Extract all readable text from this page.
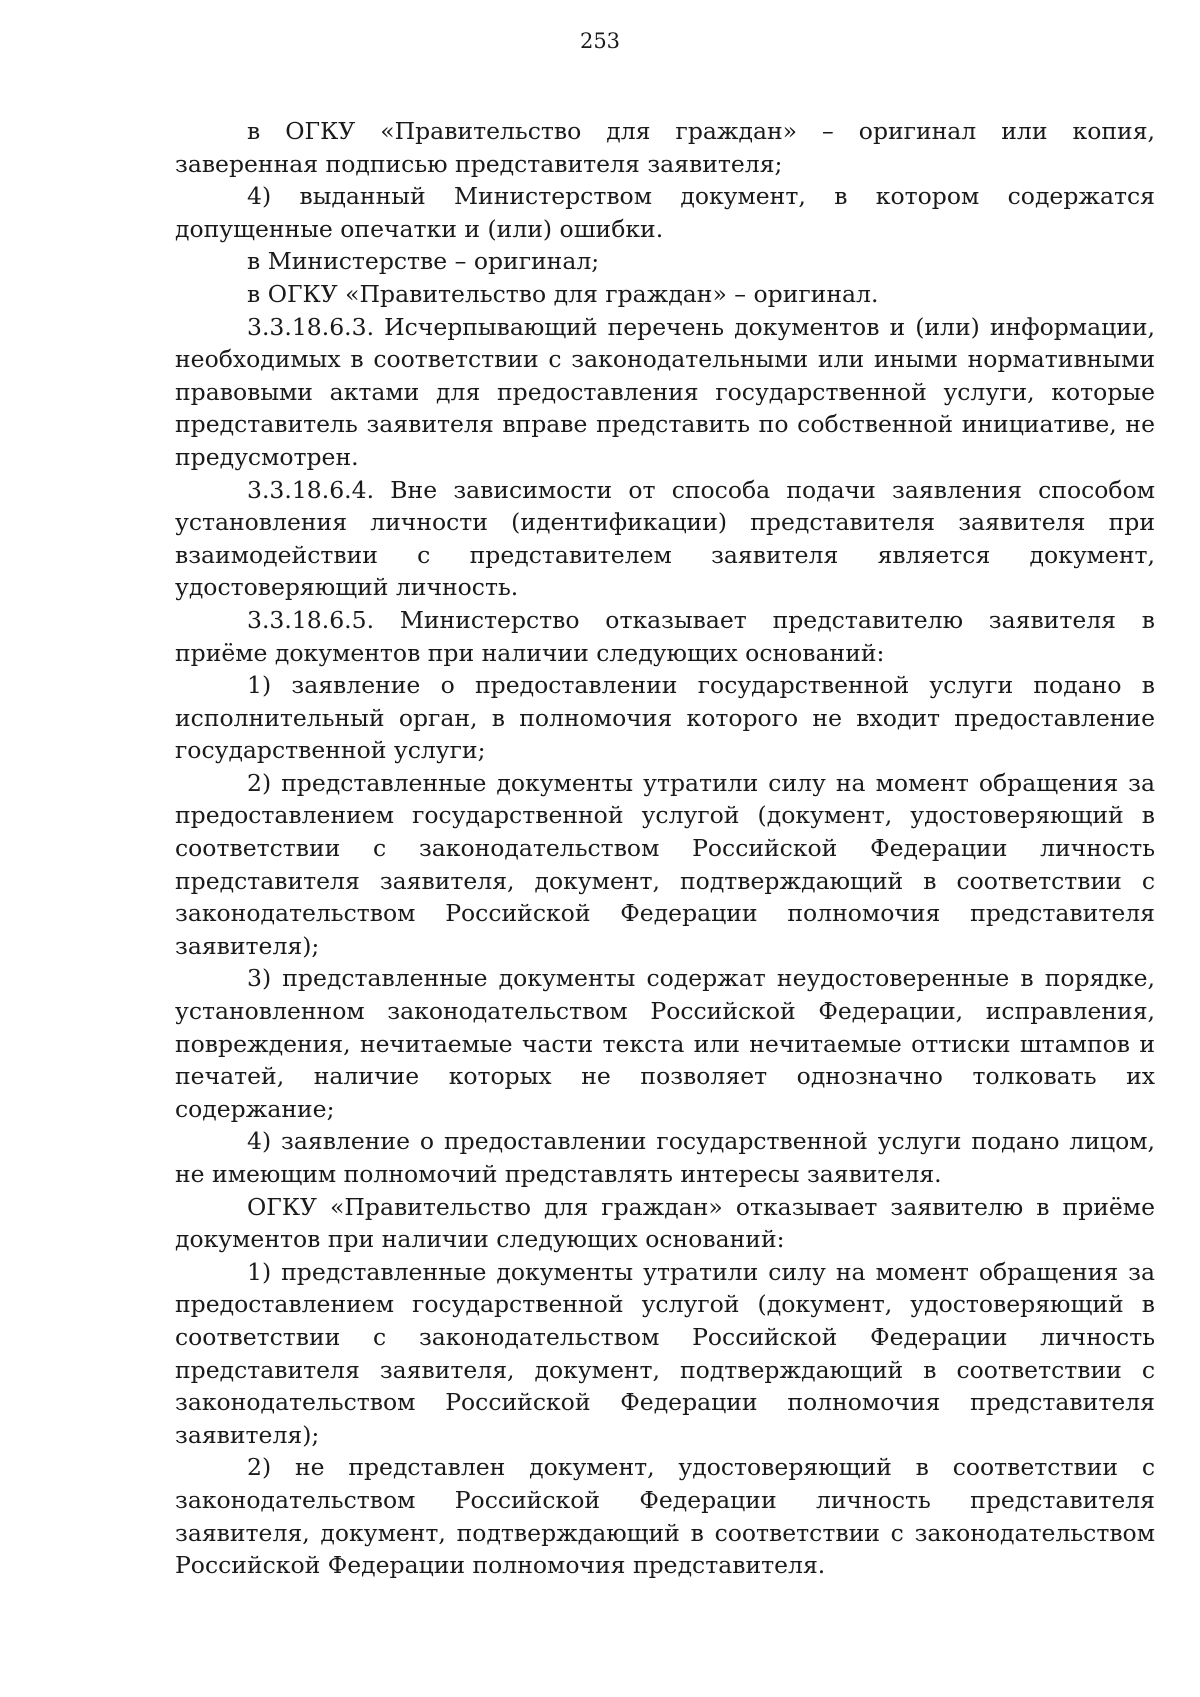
253

в ОГКУ «Правительство для граждан» – оригинал или копия, заверенная подписью представителя заявителя;

4) выданный Министерством документ, в котором содержатся допущенные опечатки и (или) ошибки.

в Министерстве – оригинал;

в ОГКУ «Правительство для граждан» – оригинал.

3.3.18.6.3. Исчерпывающий перечень документов и (или) информации, необходимых в соответствии с законодательными или иными нормативными правовыми актами для предоставления государственной услуги, которые представитель заявителя вправе представить по собственной инициативе, не предусмотрен.

3.3.18.6.4. Вне зависимости от способа подачи заявления способом установления личности (идентификации) представителя заявителя при взаимодействии с представителем заявителя является документ, удостоверяющий личность.

3.3.18.6.5. Министерство отказывает представителю заявителя в приёме документов при наличии следующих оснований:

1) заявление о предоставлении государственной услуги подано в исполнительный орган, в полномочия которого не входит предоставление государственной услуги;

2) представленные документы утратили силу на момент обращения за предоставлением государственной услугой (документ, удостоверяющий в соответствии с законодательством Российской Федерации личность представителя заявителя, документ, подтверждающий в соответствии с законодательством Российской Федерации полномочия представителя заявителя);

3) представленные документы содержат неудостоверенные в порядке, установленном законодательством Российской Федерации, исправления, повреждения, нечитаемые части текста или нечитаемые оттиски штампов и печатей, наличие которых не позволяет однозначно толковать их содержание;

4) заявление о предоставлении государственной услуги подано лицом, не имеющим полномочий представлять интересы заявителя.

ОГКУ «Правительство для граждан» отказывает заявителю в приёме документов при наличии следующих оснований:

1) представленные документы утратили силу на момент обращения за предоставлением государственной услугой (документ, удостоверяющий в соответствии с законодательством Российской Федерации личность представителя заявителя, документ, подтверждающий в соответствии с законодательством Российской Федерации полномочия представителя заявителя);

2) не представлен документ, удостоверяющий в соответствии с законодательством Российской Федерации личность представителя заявителя, документ, подтверждающий в соответствии с законодательством Российской Федерации полномочия представителя.
